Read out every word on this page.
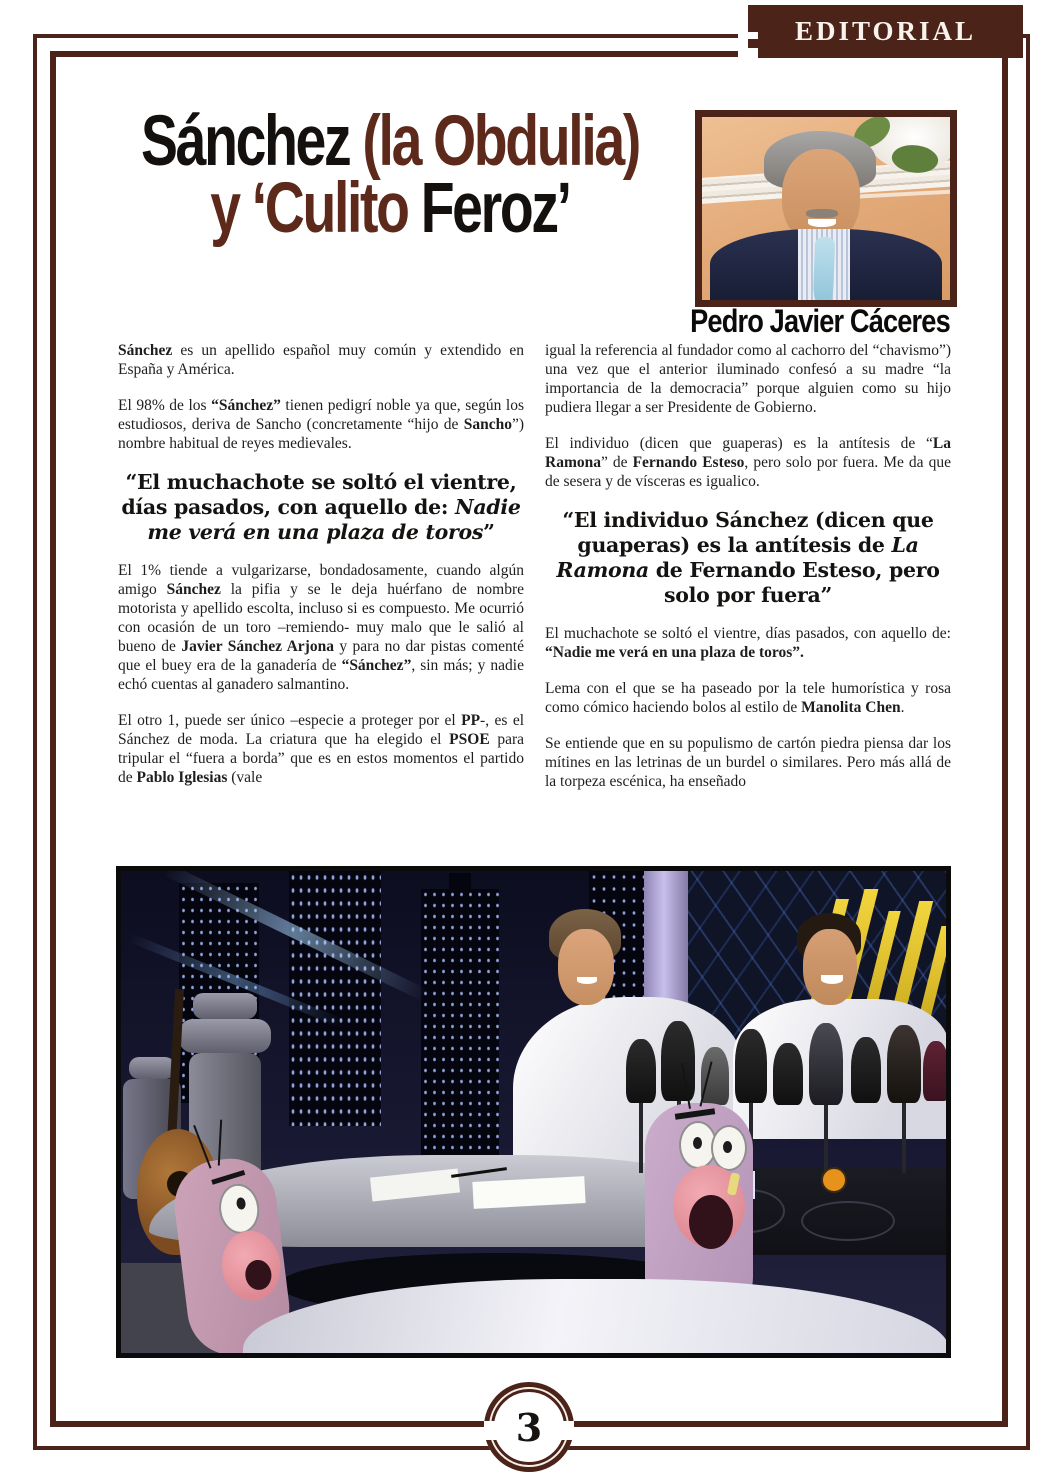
EDITORIAL
Sánchez (la Obdulia)
y ‘Culito Feroz’
Pedro Javier Cáceres
Sánchez es un apellido español muy común y extendido en España y América.
El 98% de los “Sánchez” tienen pedigrí noble ya que, según los estudiosos, deriva de Sancho (concretamente “hijo de Sancho”) nombre habitual de reyes medievales.
“El muchachote se soltó el vientre, días pasados, con aquello de: Nadie me verá en una plaza de toros”
El 1% tiende a vulgarizarse, bondadosamente, cuando algún amigo Sánchez la pifia y se le deja huérfano de nombre motorista y apellido escolta, incluso si es compuesto. Me ocurrió con ocasión de un toro –remiendo- muy malo que le salió al bueno de Javier Sánchez Arjona y para no dar pistas comenté que el buey era de la ganadería de “Sánchez”, sin más; y nadie echó cuentas al ganadero salmantino.
El otro 1, puede ser único –especie a proteger por el PP-, es el Sánchez de moda. La criatura que ha elegido el PSOE para tripular el “fuera a borda” que es en estos momentos el partido de Pablo Iglesias (vale
igual la referencia al fundador como al cachorro del “chavismo”) una vez que el anterior iluminado confesó a su madre “la importancia de la democracia” porque alguien como su hijo pudiera llegar a ser Presidente de Gobierno.
El individuo (dicen que guaperas) es la antítesis de “La Ramona” de Fernando Esteso, pero solo por fuera. Me da que de sesera y de vísceras es igualico.
“El individuo Sánchez (dicen que guaperas) es la antítesis de La Ramona de Fernando Esteso, pero solo por fuera”
El muchachote se soltó el vientre, días pasados, con aquello de: “Nadie me verá en una plaza de toros”.
Lema con el que se ha paseado por la tele humorística y rosa como cómico haciendo bolos al estilo de Manolita Chen.
Se entiende que en su populismo de cartón piedra piensa dar los mítines en las letrinas de un burdel o similares. Pero más allá de la torpeza escénica, ha enseñado
3
